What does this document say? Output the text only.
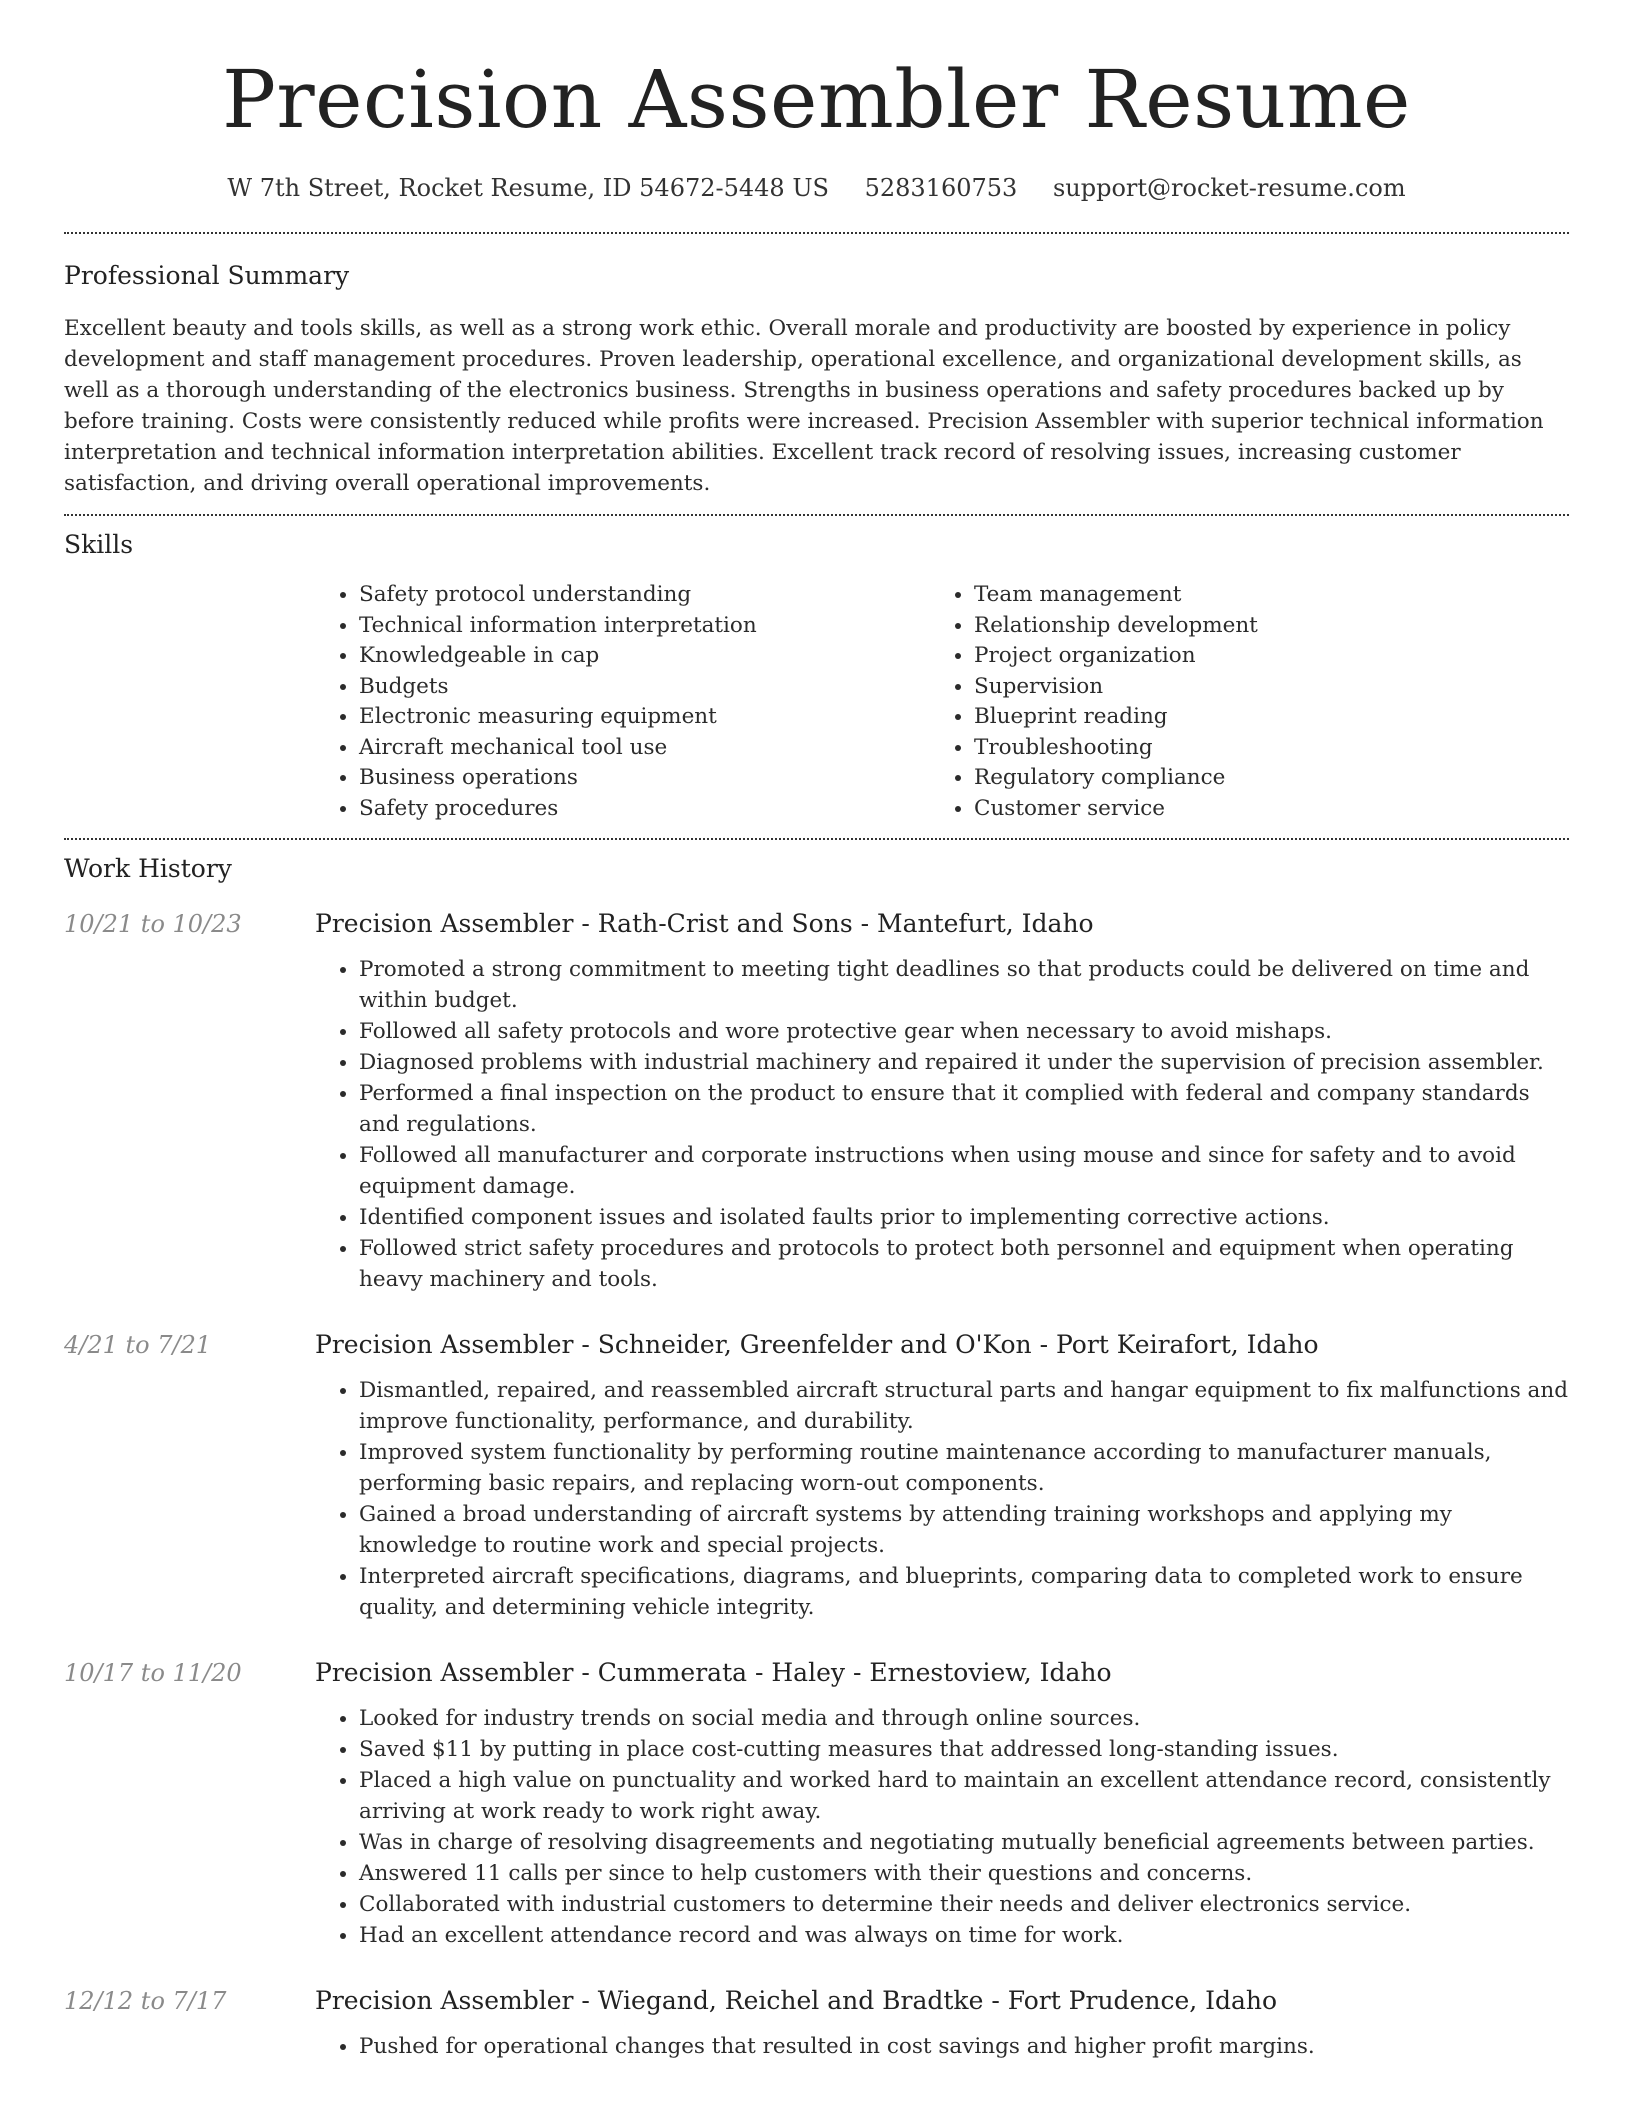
Precision Assembler Resume
W 7th Street, Rocket Resume, ID 54672-5448 US 5283160753 support@rocket-resume.com
Professional Summary

Excellent beauty and tools skills, as well as a strong work ethic. Overall morale and productivity are boosted by experience in policy development and staff management procedures. Proven leadership, operational excellence, and organizational development skills, as well as a thorough understanding of the electronics business. Strengths in business operations and safety procedures backed up by before training. Costs were consistently reduced while profits were increased. Precision Assembler with superior technical information interpretation and technical information interpretation abilities. Excellent track record of resolving issues, increasing customer satisfaction, and driving overall operational improvements.

Skills
• Safety protocol understanding
• Technical information interpretation
• Knowledgeable in cap
• Budgets
• Electronic measuring equipment
• Aircraft mechanical tool use
• Business operations
• Safety procedures
• Team management
• Relationship development
• Project organization
• Supervision
• Blueprint reading
• Troubleshooting
• Regulatory compliance
• Customer service
Work History
10/21 to 10/23	Precision Assembler - Rath-Crist and Sons - Mantefurt, Idaho
• Promoted a strong commitment to meeting tight deadlines so that products could be delivered on time and within budget.
• Followed all safety protocols and wore protective gear when necessary to avoid mishaps.
• Diagnosed problems with industrial machinery and repaired it under the supervision of precision assembler.
• Performed a final inspection on the product to ensure that it complied with federal and company standards and regulations.
• Followed all manufacturer and corporate instructions when using mouse and since for safety and to avoid equipment damage.
• Identified component issues and isolated faults prior to implementing corrective actions.
• Followed strict safety procedures and protocols to protect both personnel and equipment when operating heavy machinery and tools.
4/21 to 7/21	Precision Assembler - Schneider, Greenfelder and O'Kon - Port Keirafort, Idaho
• Dismantled, repaired, and reassembled aircraft structural parts and hangar equipment to fix malfunctions and improve functionality, performance, and durability.
• Improved system functionality by performing routine maintenance according to manufacturer manuals, performing basic repairs, and replacing worn-out components.
• Gained a broad understanding of aircraft systems by attending training workshops and applying my knowledge to routine work and special projects.
• Interpreted aircraft specifications, diagrams, and blueprints, comparing data to completed work to ensure quality, and determining vehicle integrity.
10/17 to 11/20	Precision Assembler - Cummerata - Haley - Ernestoview, Idaho
• Looked for industry trends on social media and through online sources.
• Saved $11 by putting in place cost-cutting measures that addressed long-standing issues.
• Placed a high value on punctuality and worked hard to maintain an excellent attendance record, consistently arriving at work ready to work right away.
• Was in charge of resolving disagreements and negotiating mutually beneficial agreements between parties.
• Answered 11 calls per since to help customers with their questions and concerns.
• Collaborated with industrial customers to determine their needs and deliver electronics service.
• Had an excellent attendance record and was always on time for work.
12/12 to 7/17	Precision Assembler - Wiegand, Reichel and Bradtke - Fort Prudence, Idaho
• Pushed for operational changes that resulted in cost savings and higher profit margins.
